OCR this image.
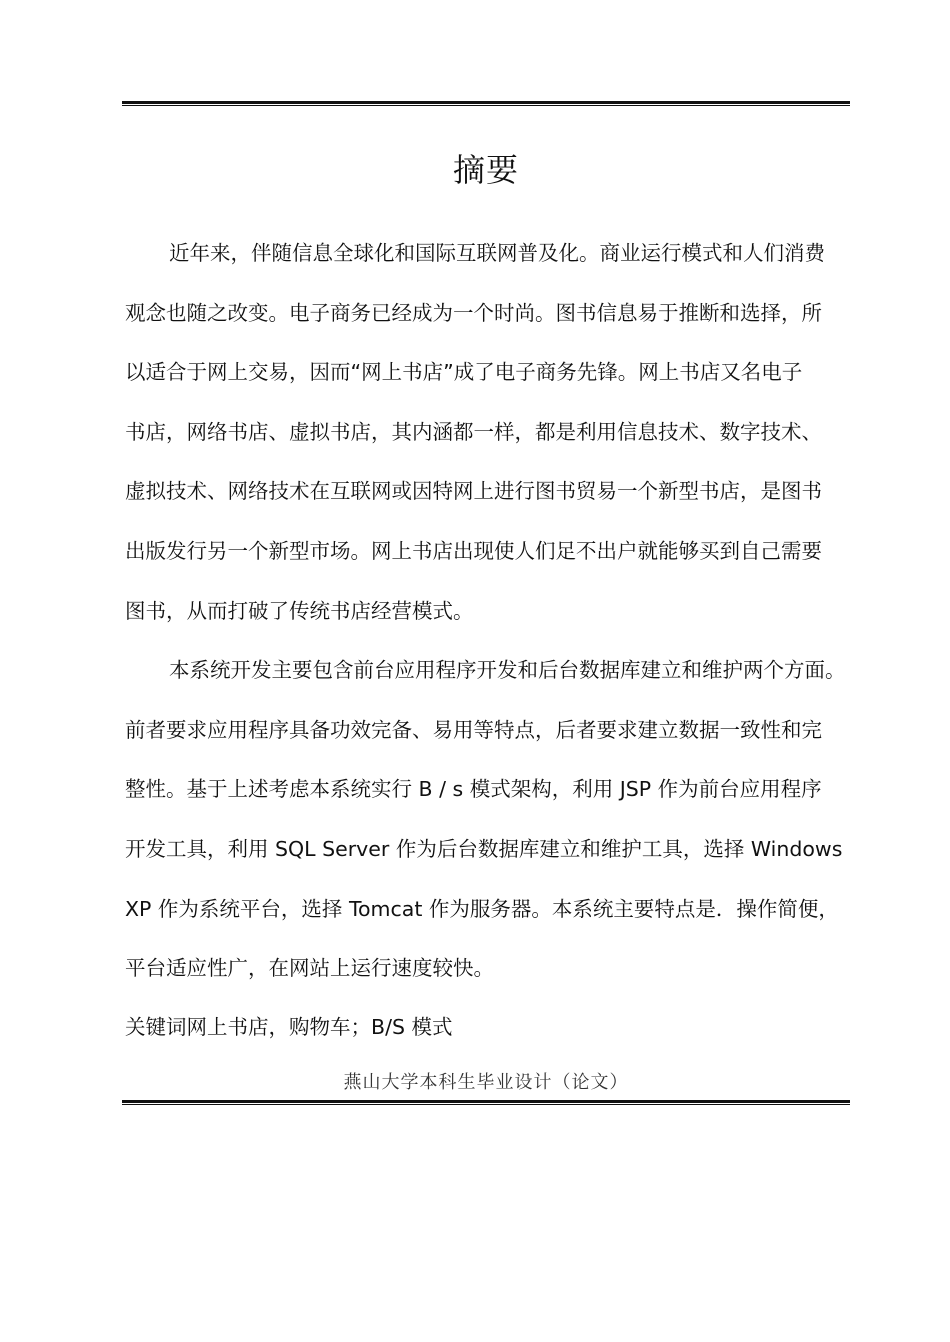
摘要
近年来，伴随信息全球化和国际互联网普及化。商业运行模式和人们消费
观念也随之改变。电子商务已经成为一个时尚。图书信息易于推断和选择，所
以适合于网上交易，因而“网上书店”成了电子商务先锋。网上书店又名电子
书店，网络书店、虚拟书店，其内涵都一样，都是利用信息技术、数字技术、
虚拟技术、网络技术在互联网或因特网上进行图书贸易一个新型书店，是图书
出版发行另一个新型市场。网上书店出现使人们足不出户就能够买到自己需要
图书，从而打破了传统书店经营模式。
本系统开发主要包含前台应用程序开发和后台数据库建立和维护两个方面。
前者要求应用程序具备功效完备、易用等特点，后者要求建立数据一致性和完
整性。基于上述考虑本系统实行 B / s 模式架构，利用 JSP 作为前台应用程序
开发工具，利用 SQL Server 作为后台数据库建立和维护工具，选择 Windows
XP 作为系统平台，选择 Tomcat 作为服务器。本系统主要特点是．操作简便，
平台适应性广，在网站上运行速度较快。
关键词网上书店，购物车；B/S 模式
燕山大学本科生毕业设计（论文）
